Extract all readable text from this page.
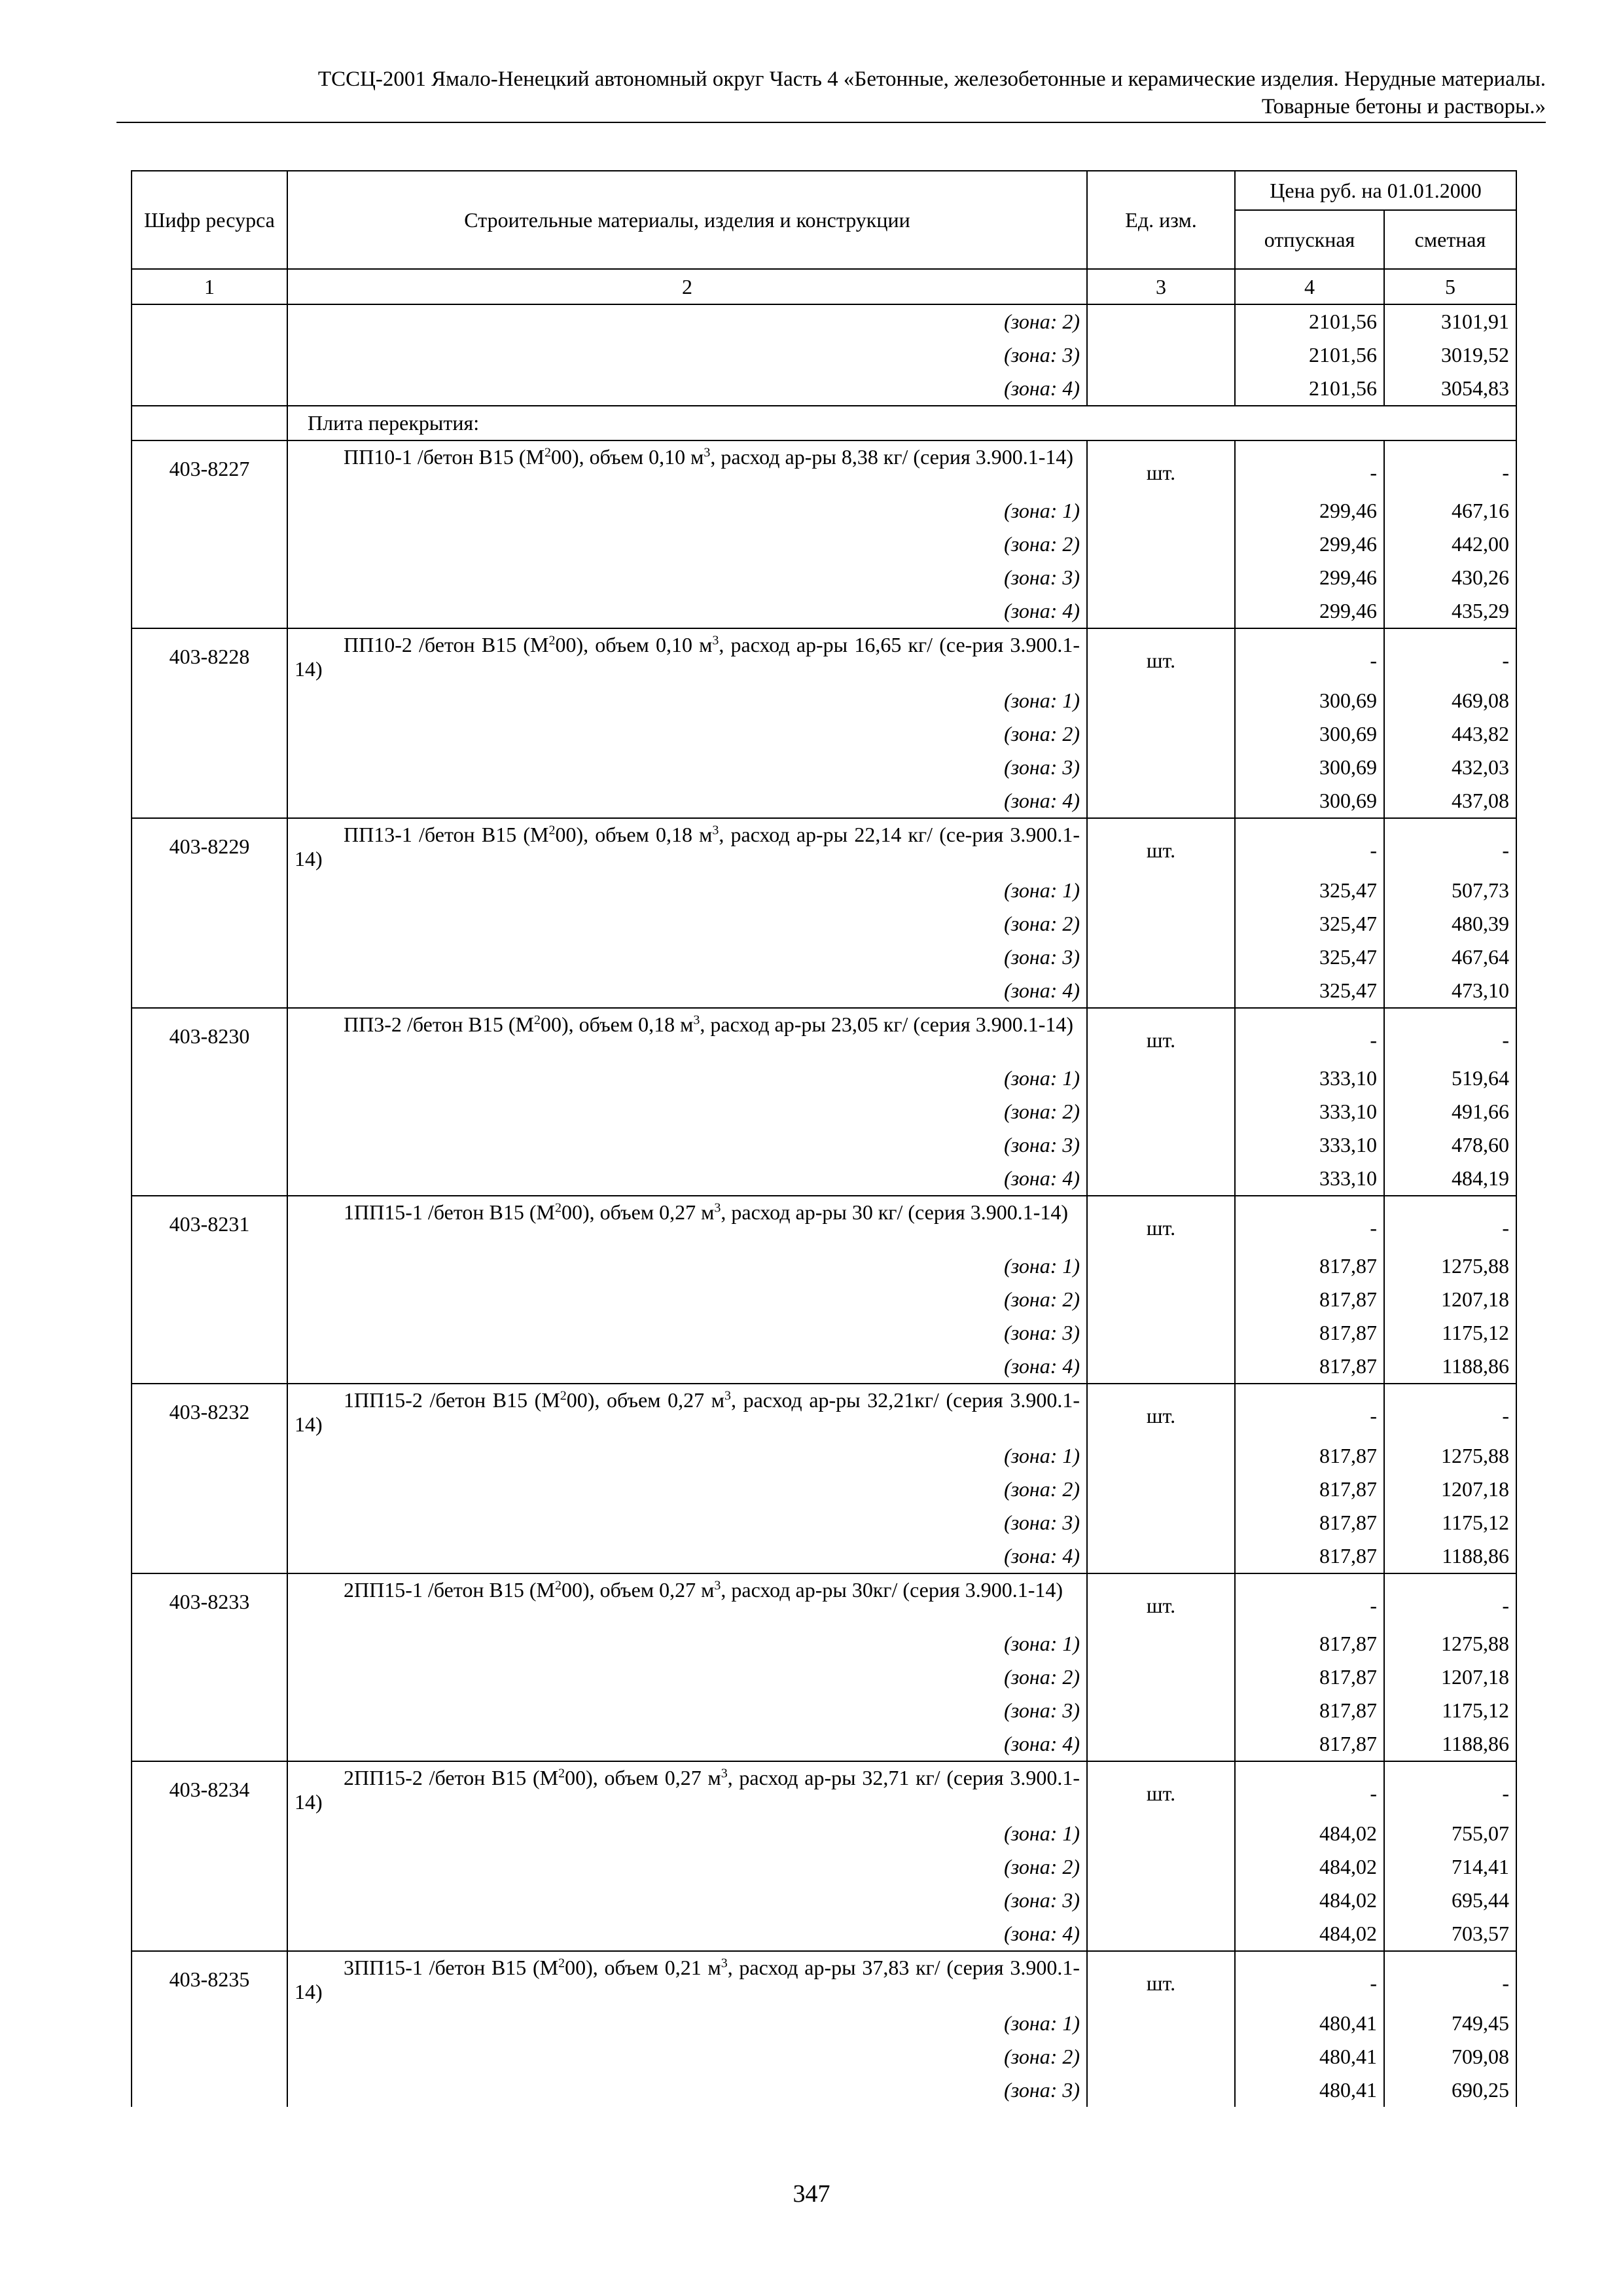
ТССЦ-2001 Ямало-Ненецкий автономный округ Часть 4 «Бетонные, железобетонные и керамические изделия. Нерудные материалы.
Товарные бетоны и растворы.»
Шифр ресурса	Строительные материалы, изделия и конструкции	Ед. изм.	Цена руб. на 01.01.2000	
			отпускная	сметная
1	2	3	4	5
	(зона: 2)		2101,56	3101,91
	(зона: 3)		2101,56	3019,52
	(зона: 4)		2101,56	3054,83
	Плита перекрытия:			
403-8227	ПП10-1 /бетон В15 $(М^200)$, объем 0,10 $м^3$, расход ар-ры 8,38 кг/ (серия 3.900.1-14)	шт.	-	-
	(зона: 1)		299,46	467,16
	(зона: 2)		299,46	442,00
	(зона: 3)		299,46	430,26
	(зона: 4)		299,46	435,29
403-8228	ПП10-2 /бетон В15 $(М^200)$, объем 0,10 $м^3$, расход ар-ры 16,65 кг/ (се-рия 3.900.1-14)	шт.	-	-
	(зона: 1)		300,69	469,08
	(зона: 2)		300,69	443,82
	(зона: 3)		300,69	432,03
	(зона: 4)		300,69	437,08
403-8229	ПП13-1 /бетон В15 $(М^200)$, объем 0,18 $м^3$, расход ар-ры 22,14 кг/ (се-рия 3.900.1-14)	шт.	-	-
	(зона: 1)		325,47	507,73
	(зона: 2)		325,47	480,39
	(зона: 3)		325,47	467,64
	(зона: 4)		325,47	473,10
403-8230	ПП3-2 /бетон В15 $(М^200)$, объем 0,18 $м^3$, расход ар-ры 23,05 кг/ (серия 3.900.1-14)	шт.	-	-
	(зона: 1)		333,10	519,64
	(зона: 2)		333,10	491,66
	(зона: 3)		333,10	478,60
	(зона: 4)		333,10	484,19
403-8231	1ПП15-1 /бетон В15 $(М^200)$, объем 0,27 $м^3$, расход ар-ры 30 кг/ (серия 3.900.1-14)	шт.	-	-
	(зона: 1)		817,87	1275,88
	(зона: 2)		817,87	1207,18
	(зона: 3)		817,87	1175,12
	(зона: 4)		817,87	1188,86
403-8232	1ПП15-2 /бетон В15 $(М^200)$, объем 0,27 $м^3$, расход ар-ры 32,21кг/ (серия 3.900.1-14)	шт.	-	-
	(зона: 1)		817,87	1275,88
	(зона: 2)		817,87	1207,18
	(зона: 3)		817,87	1175,12
	(зона: 4)		817,87	1188,86
403-8233	2ПП15-1 /бетон В15 $(М^200)$, объем 0,27 $м^3$, расход ар-ры 30кг/ (серия 3.900.1-14)	шт.	-	-
	(зона: 1)		817,87	1275,88
	(зона: 2)		817,87	1207,18
	(зона: 3)		817,87	1175,12
	(зона: 4)		817,87	1188,86
403-8234	2ПП15-2 /бетон В15 $(М^200)$, объем 0,27 $м^3$, расход ар-ры 32,71 кг/ (серия 3.900.1-14)	шт.	-	-
	(зона: 1)		484,02	755,07
	(зона: 2)		484,02	714,41
	(зона: 3)		484,02	695,44
	(зона: 4)		484,02	703,57
403-8235	3ПП15-1 /бетон В15 $(М^200)$, объем 0,21 $м^3$, расход ар-ры 37,83 кг/ (серия 3.900.1-14)	шт.	-	-
	(зона: 1)		480,41	749,45
	(зона: 2)		480,41	709,08
	(зона: 3)		480,41	690,25
347
